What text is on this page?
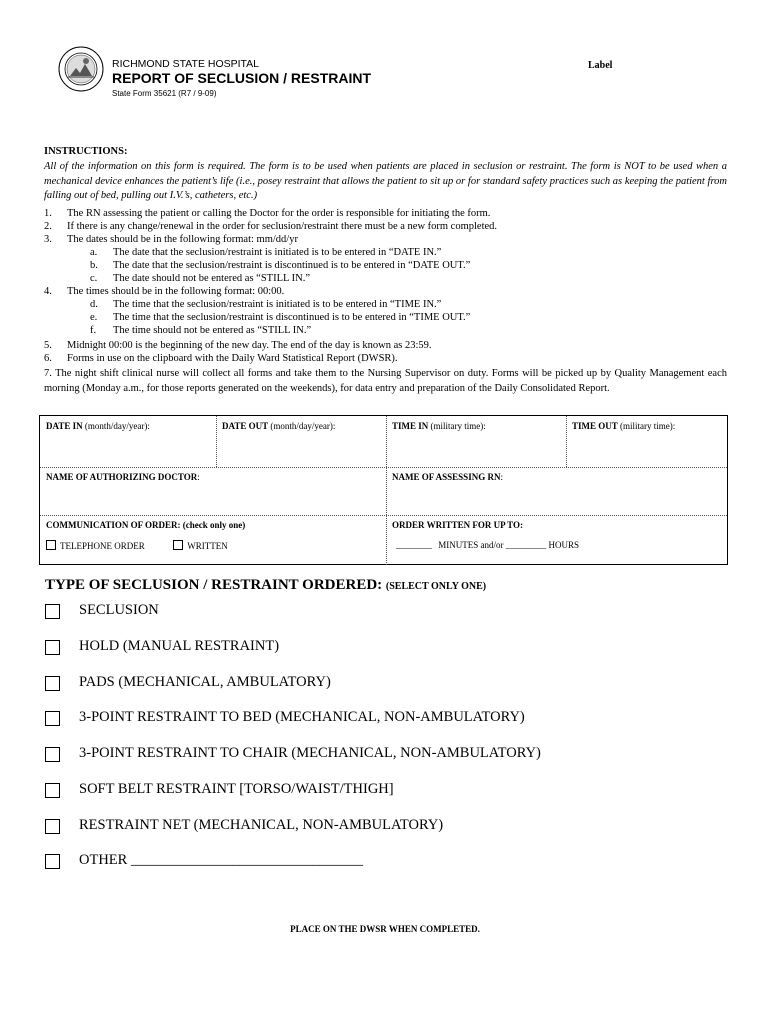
RICHMOND STATE HOSPITAL
REPORT OF SECLUSION / RESTRAINT
State Form 35621 (R7 / 9-09)
Label
INSTRUCTIONS:
All of the information on this form is required. The form is to be used when patients are placed in seclusion or restraint. The form is NOT to be used when a mechanical device enhances the patient’s life (i.e., posey restraint that allows the patient to sit up or for standard safety practices such as keeping the patient from falling out of bed, pulling out I.V.’s, catheters, etc.)
1. The RN assessing the patient or calling the Doctor for the order is responsible for initiating the form.
2. If there is any change/renewal in the order for seclusion/restraint there must be a new form completed.
3. The dates should be in the following format: mm/dd/yr
a. The date that the seclusion/restraint is initiated is to be entered in “DATE IN.”
b. The date that the seclusion/restraint is discontinued is to be entered in “DATE OUT.”
c. The date should not be entered as “STILL IN.”
4. The times should be in the following format: 00:00.
d. The time that the seclusion/restraint is initiated is to be entered in “TIME IN.”
e. The time that the seclusion/restraint is discontinued is to be entered in “TIME OUT.”
f. The time should not be entered as “STILL IN.”
5. Midnight 00:00 is the beginning of the new day. The end of the day is known as 23:59.
6. Forms in use on the clipboard with the Daily Ward Statistical Report (DWSR).
7. The night shift clinical nurse will collect all forms and take them to the Nursing Supervisor on duty. Forms will be picked up by Quality Management each morning (Monday a.m., for those reports generated on the weekends), for data entry and preparation of the Daily Consolidated Report.
DATE IN (month/day/year):	DATE OUT (month/day/year):	TIME IN (military time):	TIME OUT (military time):
NAME OF AUTHORIZING DOCTOR:	NAME OF ASSESSING RN:
COMMUNICATION OF ORDER: (check only one)
TELEPHONE ORDER	WRITTEN
ORDER WRITTEN FOR UP TO:
________ MINUTES and/or _________ HOURS
TYPE OF SECLUSION / RESTRAINT ORDERED: (SELECT ONLY ONE)
SECLUSION
HOLD (MANUAL RESTRAINT)
PADS (MECHANICAL, AMBULATORY)
3-POINT RESTRAINT TO BED (MECHANICAL, NON-AMBULATORY)
3-POINT RESTRAINT TO CHAIR (MECHANICAL, NON-AMBULATORY)
SOFT BELT RESTRAINT [TORSO/WAIST/THIGH]
RESTRAINT NET (MECHANICAL, NON-AMBULATORY)
OTHER ________________________________
PLACE ON THE DWSR WHEN COMPLETED.
